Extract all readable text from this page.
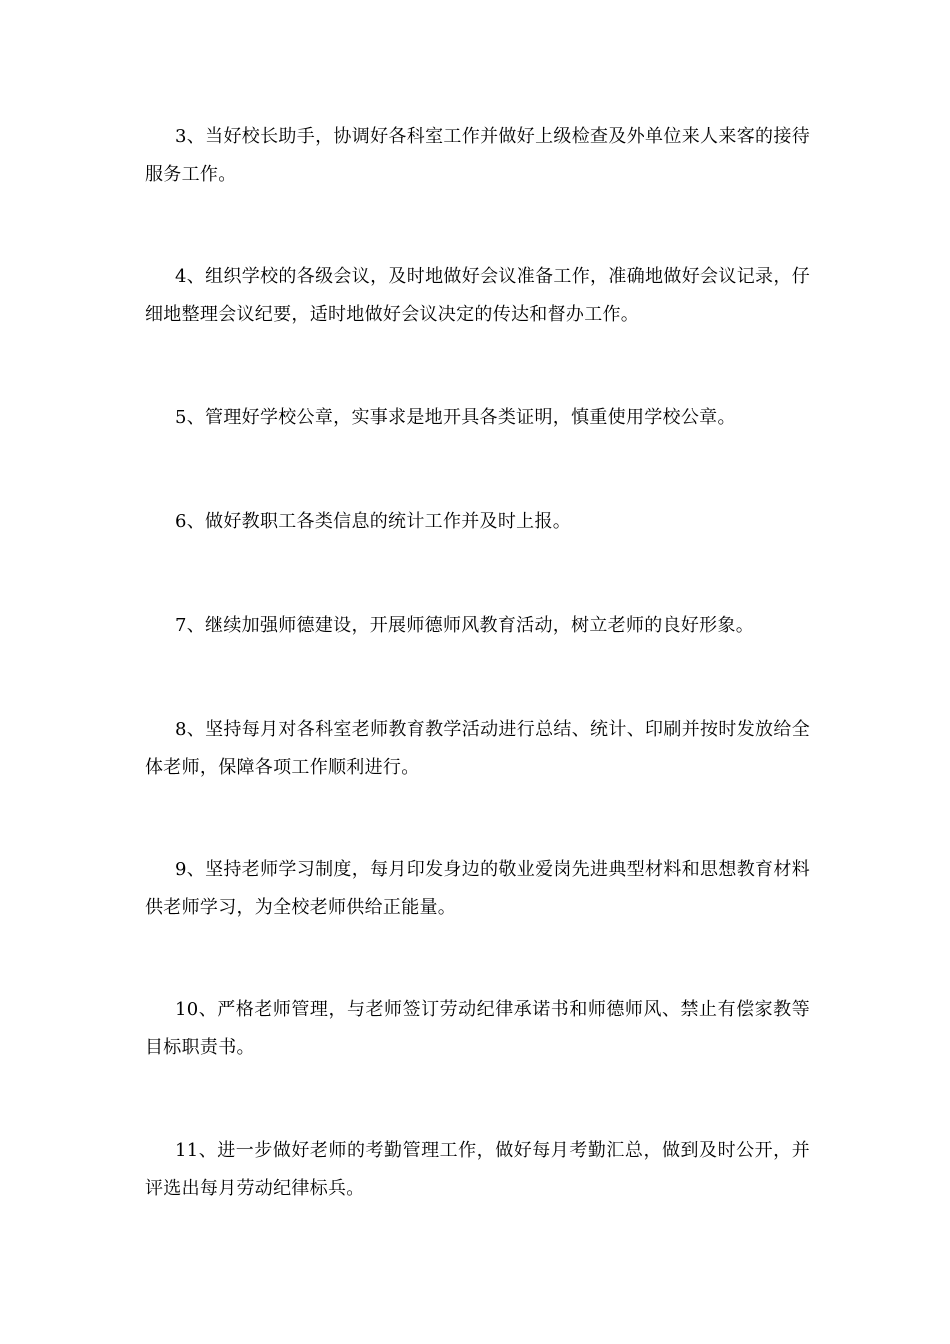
3、当好校长助手，协调好各科室工作并做好上级检查及外单位来人来客的接待服务工作。

4、组织学校的各级会议，及时地做好会议准备工作，准确地做好会议记录，仔细地整理会议纪要，适时地做好会议决定的传达和督办工作。

5、管理好学校公章，实事求是地开具各类证明，慎重使用学校公章。

6、做好教职工各类信息的统计工作并及时上报。

7、继续加强师德建设，开展师德师风教育活动，树立老师的良好形象。

8、坚持每月对各科室老师教育教学活动进行总结、统计、印刷并按时发放给全体老师，保障各项工作顺利进行。

9、坚持老师学习制度，每月印发身边的敬业爱岗先进典型材料和思想教育材料供老师学习，为全校老师供给正能量。

10、严格老师管理，与老师签订劳动纪律承诺书和师德师风、禁止有偿家教等目标职责书。

11、进一步做好老师的考勤管理工作，做好每月考勤汇总，做到及时公开，并评选出每月劳动纪律标兵。
